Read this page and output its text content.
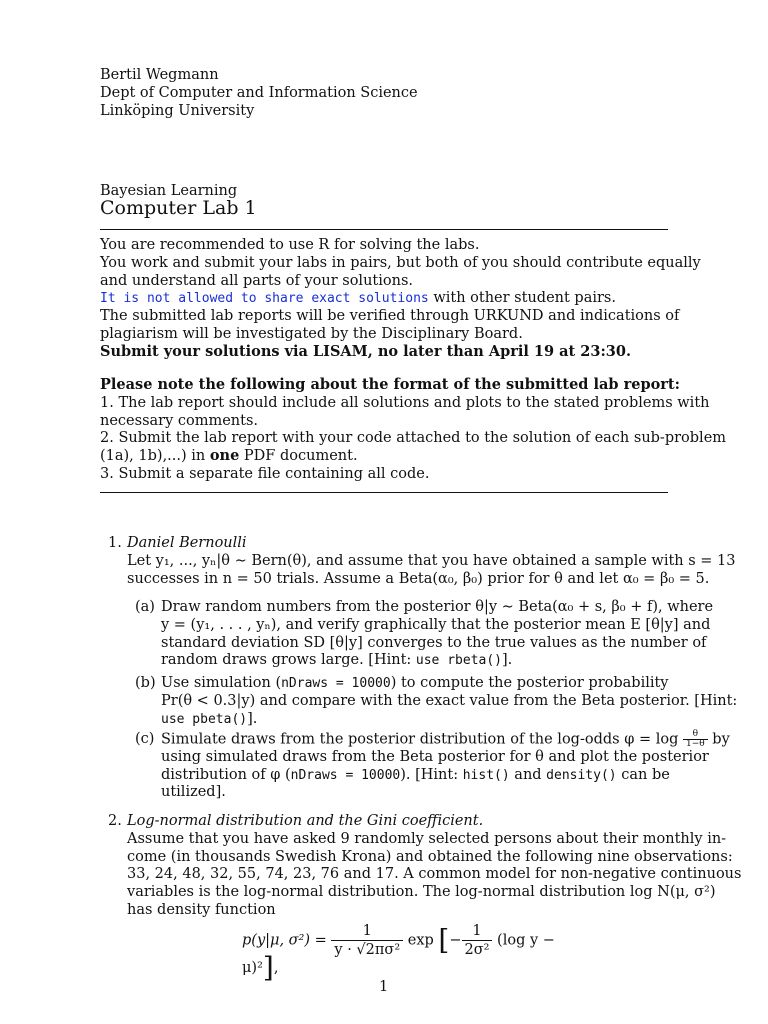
Bertil Wegmann
Dept of Computer and Information Science
Linköping University
Bayesian Learning
Computer Lab 1
You are recommended to use R for solving the labs.
You work and submit your labs in pairs, but both of you should contribute equally
and understand all parts of your solutions.
It is not allowed to share exact solutions with other student pairs.
The submitted lab reports will be verified through URKUND and indications of
plagiarism will be investigated by the Disciplinary Board.
Submit your solutions via LISAM, no later than April 19 at 23:30.
Please note the following about the format of the submitted lab report:
1. The lab report should include all solutions and plots to the stated problems with
necessary comments.
2. Submit the lab report with your code attached to the solution of each sub-problem
(1a), 1b),...) in one PDF document.
3. Submit a separate file containing all code.
1. Daniel Bernoulli
Let y₁, ..., yₙ|θ ∼ Bern(θ), and assume that you have obtained a sample with s = 13
successes in n = 50 trials. Assume a Beta(α₀, β₀) prior for θ and let α₀ = β₀ = 5.
(a) Draw random numbers from the posterior θ|y ∼ Beta(α₀ + s, β₀ + f), where
y = (y₁, . . . , yₙ), and verify graphically that the posterior mean E [θ|y] and
standard deviation SD [θ|y] converges to the true values as the number of
random draws grows large. [Hint: use rbeta()].
(b) Use simulation (nDraws = 10000) to compute the posterior probability
Pr(θ < 0.3|y) and compare with the exact value from the Beta posterior. [Hint:
use pbeta()].
(c) Simulate draws from the posterior distribution of the log-odds $\varphi = \log \frac{\theta}{1-\theta}$ by
using simulated draws from the Beta posterior for θ and plot the posterior
distribution of φ (nDraws = 10000). [Hint: hist() and density() can be
utilized].
2. Log-normal distribution and the Gini coefficient.
Assume that you have asked 9 randomly selected persons about their monthly in-
come (in thousands Swedish Krona) and obtained the following nine observations:
33, 24, 48, 32, 55, 74, 23, 76 and 17. A common model for non-negative continuous
variables is the log-normal distribution. The log-normal distribution log N(μ, σ²)
has density function
p(y|μ, $\sigma^2) = \frac{1}{\text{y · √2πσ²}}$ exp [− $\frac{1}{\text{2σ²}} (\log$ y − μ)²],
1
